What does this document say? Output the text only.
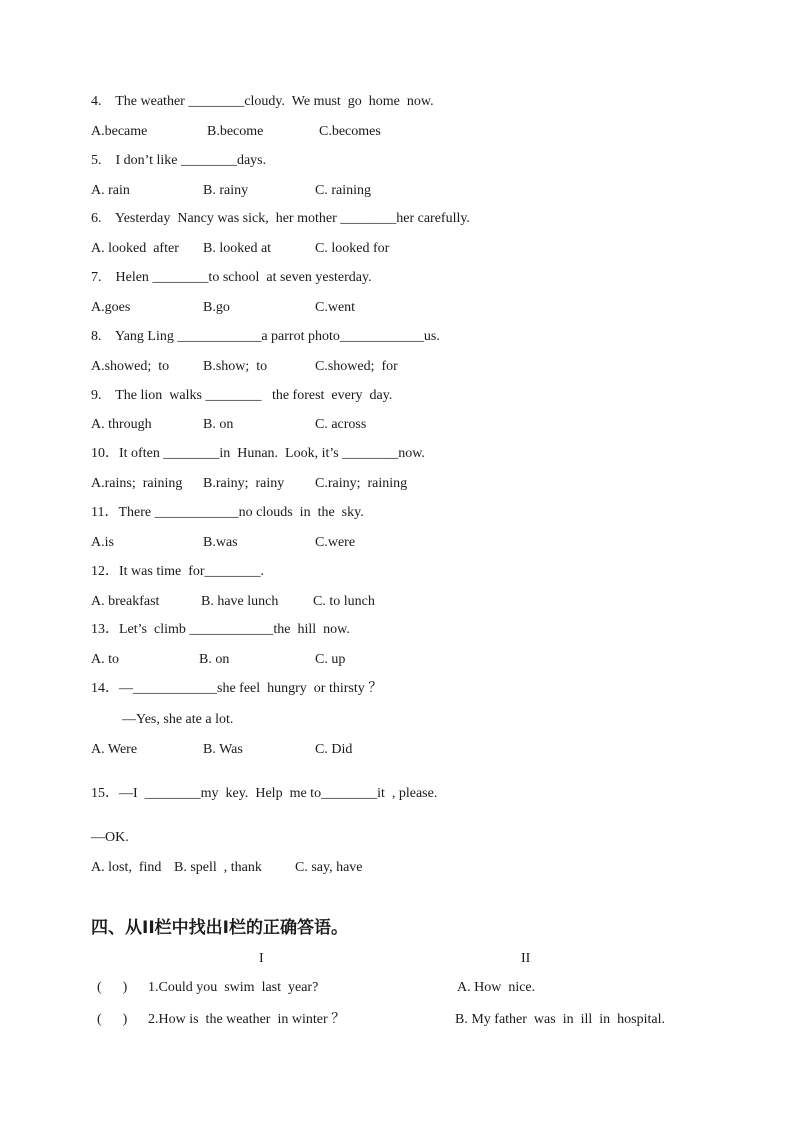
4.    The weather ________cloudy.  We must  go  home  now.
A.became	B.become	C.becomes
5.    I don’t like ________days.
A. rain	B. rainy	C. raining
6.    Yesterday  Nancy was sick,  her mother ________her carefully.
A. looked  after B. looked at	C. looked for
7.    Helen ________to school  at seven yesterday.
A.goes	B.go	C.went
8.    Yang Ling ____________a parrot photo____________us.
A.showed;  to B.show;  to	C.showed;  for
9.    The lion  walks ________   the forest  every  day.
A. through	B. on	C. across
10．It often ________in  Hunan.  Look, it’s ________now.
A.rains;  raining B.rainy;  rainy C.rainy;  raining
11．There ____________no clouds  in  the  sky.
A.is	B.was	C.were
12．It was time  for________.
A. breakfast	B. have lunch C. to lunch
13．Let’s  climb ____________the  hill  now.
A. to	B. on	C. up
14．—____________she feel  hungry  or thirsty ？
—Yes, she ate a lot.
A. Were	B. Was	C. Did
15．—I  ________my  key.  Help  me to________it  , please.
—OK.
A. lost,  find B. spell  , thank C. say, have
四、从II栏中找出I栏的正确答语。
I	II
(      ) 1.Could you  swim  last  year?	A. How  nice.
(      ) 2.How is  the weather  in winter ？	B. My father  was  in  ill  in  hospital.
